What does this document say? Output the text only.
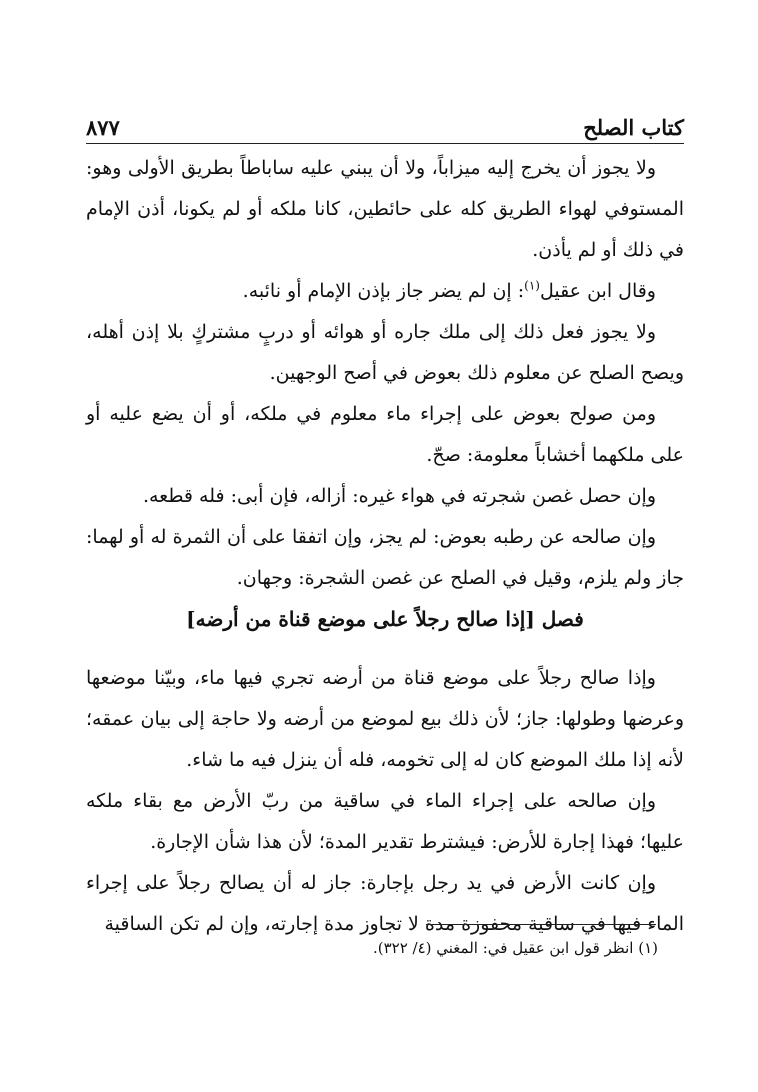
كتاب الصلح
٨٧٧

ولا يجوز أن يخرج إليه ميزاباً، ولا أن يبني عليه ساباطاً بطريق الأولى وهو: المستوفي لهواء الطريق كله على حائطين، كانا ملكه أو لم يكونا، أذن الإمام في ذلك أو لم يأذن.

وقال ابن عقيل$^{(١)}$: إن لم يضر جاز بإذن الإمام أو نائبه.

ولا يجوز فعل ذلك إلى ملك جاره أو هوائه أو دربٍ مشتركٍ بلا إذن أهله، ويصح الصلح عن معلوم ذلك بعوض في أصح الوجهين.

ومن صولح بعوض على إجراء ماء معلوم في ملكه، أو أن يضع عليه أو على ملكهما أخشاباً معلومة: صحّ.

وإن حصل غصن شجرته في هواء غيره: أزاله، فإن أبى: فله قطعه.

وإن صالحه عن رطبه بعوض: لم يجز، وإن اتفقا على أن الثمرة له أو لهما: جاز ولم يلزم، وقيل في الصلح عن غصن الشجرة: وجهان.

فصل [إذا صالح رجلاً على موضع قناة من أرضه]

وإذا صالح رجلاً على موضع قناة من أرضه تجري فيها ماء، وبيّنا موضعها وعرضها وطولها: جاز؛ لأن ذلك بيع لموضع من أرضه ولا حاجة إلى بيان عمقه؛ لأنه إذا ملك الموضع كان له إلى تخومه، فله أن ينزل فيه ما شاء.

وإن صالحه على إجراء الماء في ساقية من ربّ الأرض مع بقاء ملكه عليها؛ فهذا إجارة للأرض: فيشترط تقدير المدة؛ لأن هذا شأن الإجارة.

وإن كانت الأرض في يد رجل بإجارة: جاز له أن يصالح رجلاً على إجراء الماء فيها في ساقية محفوزة مدة لا تجاوز مدة إجارته، وإن لم تكن الساقية

(١) انظر قول ابن عقيل في: المغني (٤/ ٣٢٢).
